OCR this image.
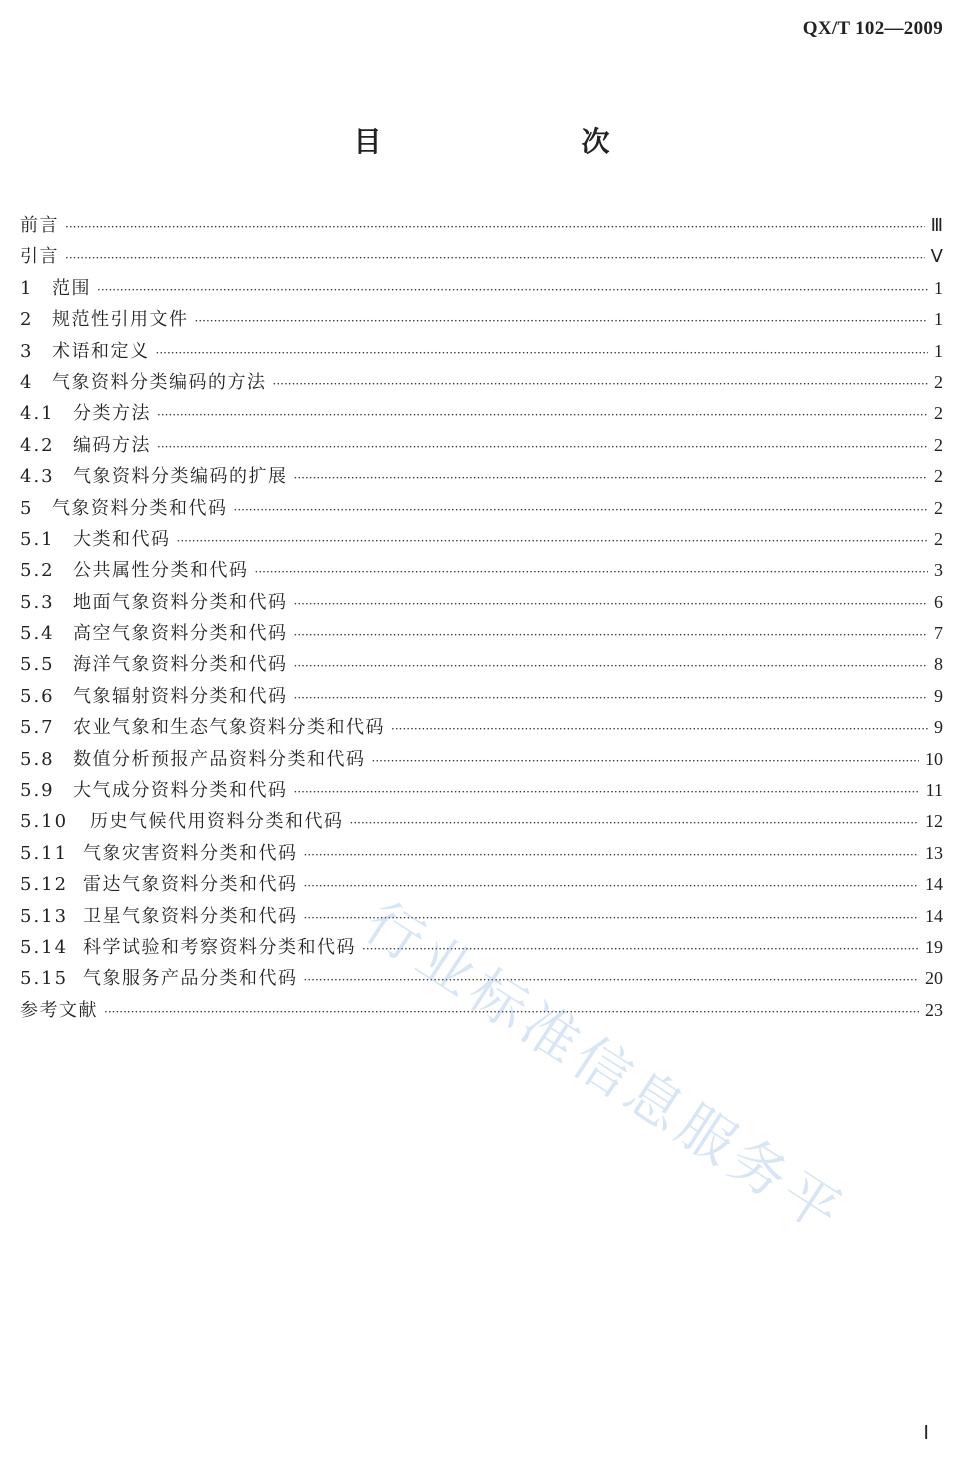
QX/T 102—2009
目　　次
前言 ·····	Ⅲ
引言 ·····	Ⅴ
1	范围 ·····	1
2	规范性引用文件 ·····	1
3	术语和定义 ·····	1
4	气象资料分类编码的方法 ·····	2
4.1	分类方法 ·····	2
4.2	编码方法 ·····	2
4.3	气象资料分类编码的扩展 ·····	2
5	气象资料分类和代码 ·····	2
5.1	大类和代码 ·····	2
5.2	公共属性分类和代码 ·····	3
5.3	地面气象资料分类和代码 ·····	6
5.4	高空气象资料分类和代码 ·····	7
5.5	海洋气象资料分类和代码 ·····	8
5.6	气象辐射资料分类和代码 ·····	9
5.7	农业气象和生态气象资料分类和代码 ·····	9
5.8	数值分析预报产品资料分类和代码 ·····	10
5.9	大气成分资料分类和代码 ·····	11
5.10	历史气候代用资料分类和代码 ·····	12
5.11 气象灾害资料分类和代码 ·····	13
5.12 雷达气象资料分类和代码 ·····	14
5.13 卫星气象资料分类和代码 ·····	14
5.14 科学试验和考察资料分类和代码 ·····	19
5.15 气象服务产品分类和代码 ·····	20
参考文献 ·····	23
行业标准信息服务平
Ⅰ
